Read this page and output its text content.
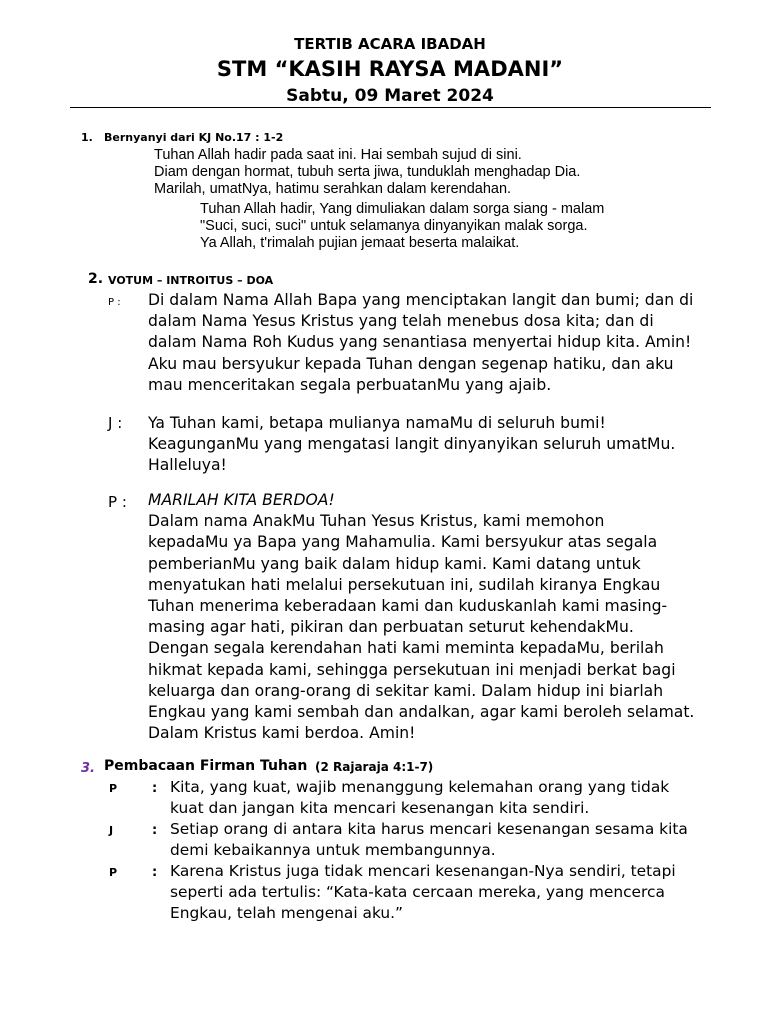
TERTIB ACARA IBADAH
STM “KASIH RAYSA MADANI”
Sabtu, 09 Maret 2024
1. Bernyanyi dari KJ No.17 : 1-2
Tuhan Allah hadir pada saat ini. Hai sembah sujud di sini.
Diam dengan hormat, tubuh serta jiwa, tunduklah menghadap Dia.
Marilah, umatNya, hatimu serahkan dalam kerendahan.
Tuhan Allah hadir, Yang dimuliakan dalam sorga siang - malam
"Suci, suci, suci" untuk selamanya dinyanyikan malak sorga.
Ya Allah, t'rimalah pujian jemaat beserta malaikat.
2. VOTUM – INTROITUS – DOA
P : Di dalam Nama Allah Bapa yang menciptakan langit dan bumi; dan di
dalam Nama Yesus Kristus yang telah menebus dosa kita; dan di
dalam Nama Roh Kudus yang senantiasa menyertai hidup kita. Amin!
Aku mau bersyukur kepada Tuhan dengan segenap hatiku, dan aku
mau menceritakan segala perbuatanMu yang ajaib.
J : Ya Tuhan kami, betapa mulianya namaMu di seluruh bumi!
KeagunganMu yang mengatasi langit dinyanyikan seluruh umatMu.
Halleluya!
P : MARILAH KITA BERDOA!
Dalam nama AnakMu Tuhan Yesus Kristus, kami memohon
kepadaMu ya Bapa yang Mahamulia. Kami bersyukur atas segala
pemberianMu yang baik dalam hidup kami. Kami datang untuk
menyatukan hati melalui persekutuan ini, sudilah kiranya Engkau
Tuhan menerima keberadaan kami dan kuduskanlah kami masing-
masing agar hati, pikiran dan perbuatan seturut kehendakMu.
Dengan segala kerendahan hati kami meminta kepadaMu, berilah
hikmat kepada kami, sehingga persekutuan ini menjadi berkat bagi
keluarga dan orang-orang di sekitar kami. Dalam hidup ini biarlah
Engkau yang kami sembah dan andalkan, agar kami beroleh selamat.
Dalam Kristus kami berdoa. Amin!
3. Pembacaan Firman Tuhan (2 Rajaraja 4:1-7)
P	: Kita, yang kuat, wajib menanggung kelemahan orang yang tidak
kuat dan jangan kita mencari kesenangan kita sendiri.
J	: Setiap orang di antara kita harus mencari kesenangan sesama kita
demi kebaikannya untuk membangunnya.
P	: Karena Kristus juga tidak mencari kesenangan-Nya sendiri, tetapi
seperti ada tertulis: “Kata-kata cercaan mereka, yang mencerca
Engkau, telah mengenai aku.”
